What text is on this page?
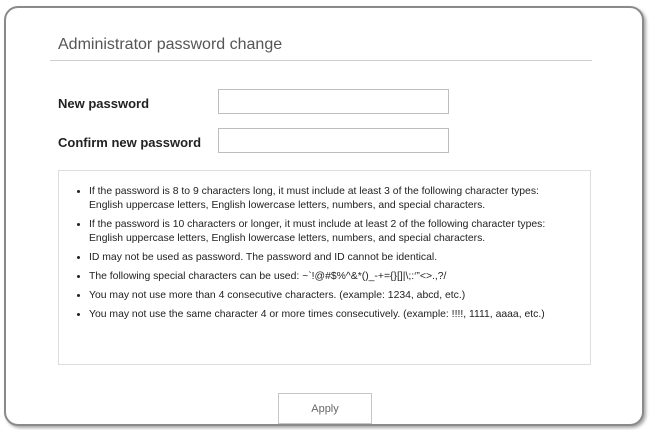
Administrator password change
New password
Confirm new password
• If the password is 8 to 9 characters long, it must include at least 3 of the following character types: English uppercase letters, English lowercase letters, numbers, and special characters.
• If the password is 10 characters or longer, it must include at least 2 of the following character types: English uppercase letters, English lowercase letters, numbers, and special characters.
• ID may not be used as password. The password and ID cannot be identical.
• The following special characters can be used: ~`!@#$%^&*()_-+={}[]|\;:‘”<>.,?/
• You may not use more than 4 consecutive characters. (example: 1234, abcd, etc.)
• You may not use the same character 4 or more times consecutively. (example: !!!!, 1111, aaaa, etc.)
Apply
